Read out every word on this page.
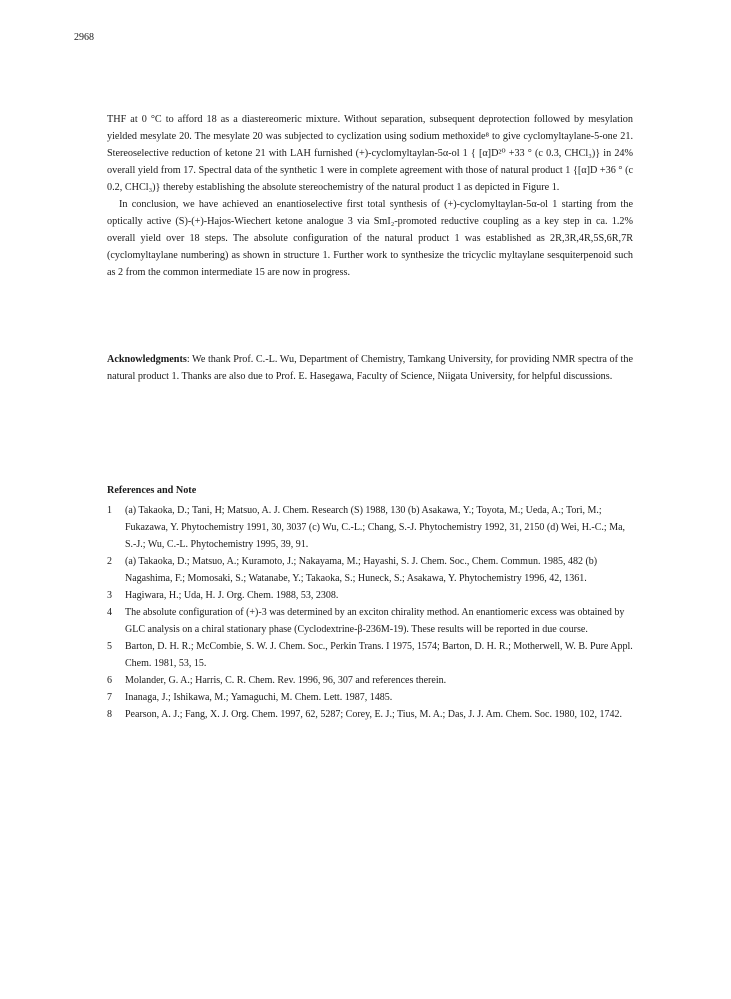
2968

THF at 0 °C to afford 18 as a diastereomeric mixture. Without separation, subsequent deprotection followed by mesylation yielded mesylate 20. The mesylate 20 was subjected to cyclization using sodium methoxide⁸ to give cyclomyltaylane-5-one 21. Stereoselective reduction of ketone 21 with LAH furnished (+)-cyclomyltaylan-5α-ol 1 { [α]D²⁰ +33 ° (c 0.3, CHCl₃)} in 24% overall yield from 17. Spectral data of the synthetic 1 were in complete agreement with those of natural product 1 {[α]D +36 ° (c 0.2, CHCl₃)} thereby establishing the absolute stereochemistry of the natural product 1 as depicted in Figure 1.

In conclusion, we have achieved an enantioselective first total synthesis of (+)-cyclomyltaylan-5α-ol 1 starting from the optically active (S)-(+)-Hajos-Wiechert ketone analogue 3 via SmI₂-promoted reductive coupling as a key step in ca. 1.2% overall yield over 18 steps. The absolute configuration of the natural product 1 was established as 2R,3R,4R,5S,6R,7R (cyclomyltaylane numbering) as shown in structure 1. Further work to synthesize the tricyclic myltaylane sesquiterpenoid such as 2 from the common intermediate 15 are now in progress.

Acknowledgments: We thank Prof. C.-L. Wu, Department of Chemistry, Tamkang University, for providing NMR spectra of the natural product 1. Thanks are also due to Prof. E. Hasegawa, Faculty of Science, Niigata University, for helpful discussions.
References and Note
1	(a) Takaoka, D.; Tani, H; Matsuo, A. J. Chem. Research (S) 1988, 130 (b) Asakawa, Y.; Toyota, M.; Ueda, A.; Tori, M.; Fukazawa, Y. Phytochemistry 1991, 30, 3037 (c) Wu, C.-L.; Chang, S.-J. Phytochemistry 1992, 31, 2150 (d) Wei, H.-C.; Ma, S.-J.; Wu, C.-L. Phytochemistry 1995, 39, 91.
2	(a) Takaoka, D.; Matsuo, A.; Kuramoto, J.; Nakayama, M.; Hayashi, S. J. Chem. Soc., Chem. Commun. 1985, 482 (b) Nagashima, F.; Momosaki, S.; Watanabe, Y.; Takaoka, S.; Huneck, S.; Asakawa, Y. Phytochemistry 1996, 42, 1361.
3	Hagiwara, H.; Uda, H. J. Org. Chem. 1988, 53, 2308.
4	The absolute configuration of (+)-3 was determined by an exciton chirality method. An enantiomeric excess was obtained by GLC analysis on a chiral stationary phase (Cyclodextrine-β-236M-19). These results will be reported in due course.
5	Barton, D. H. R.; McCombie, S. W. J. Chem. Soc., Perkin Trans. I 1975, 1574; Barton, D. H. R.; Motherwell, W. B. Pure Appl. Chem. 1981, 53, 15.
6	Molander, G. A.; Harris, C. R. Chem. Rev. 1996, 96, 307 and references therein.
7	Inanaga, J.; Ishikawa, M.; Yamaguchi, M. Chem. Lett. 1987, 1485.
8	Pearson, A. J.; Fang, X. J. Org. Chem. 1997, 62, 5287; Corey, E. J.; Tius, M. A.; Das, J. J. Am. Chem. Soc. 1980, 102, 1742.
